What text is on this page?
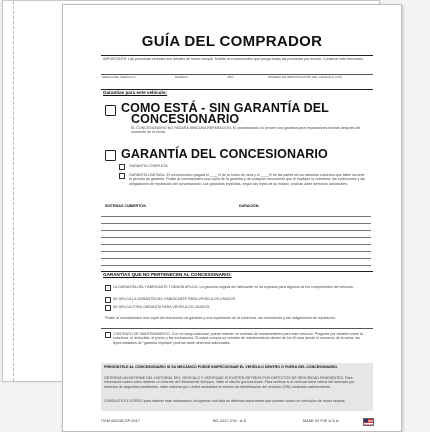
GUÍA DEL COMPRADOR
IMPORTANTE: Las promesas verbales son difíciles de hacer cumplir. Solicite al concesionario que ponga todas las promesas por escrito. Conserve este formulario.
MARCA DEL VEHÍCULO	MODELO	AÑO	NÚMERO DE IDENTIFICACIÓN DEL VEHÍCULO (VIN)
Garantías para este vehículo:
COMO ESTÁ - SIN GARANTÍA DEL
CONCESIONARIO
EL CONCESIONARIO NO PAGARÁ NINGUNA REPARACIÓN. El concesionario no provee una garantía para reparaciones hechas después del momento de la venta.
GARANTÍA DEL CONCESIONARIO
GARANTÍA COMPLETA.
GARANTÍA LIMITADA. El concesionario pagará el ____% de la mano de obra y el ____% de las partes de los sistemas cubiertos que fallen durante el período de garantía. Pídale al concesionario una copia de la garantía y de cualquier documento que le explique la cobertura, las exclusiones y las obligaciones de reparación del concesionario. Las garantías implícitas, según las leyes de su estado, podrían darle derechos adicionales.
SISTEMAS CUBIERTOS:	DURACIÓN:
GARANTÍAS QUE NO PERTENECEN AL CONCESIONARIO:
LA GARANTÍA DEL FABRICANTE TODAVÍA APLICA. La garantía original del fabricante no ha expirado para algunos de los componentes del vehículo.
SE APLICA LA GARANTÍA DEL FABRICANTE PARA VEHÍCULOS USADOS.
SE APLICA OTRA GARANTÍA PARA VEHÍCULOS USADOS.
Pídale al concesionario una copia del documento de garantía y una explicación de la cobertura, las exclusiones y las obligaciones de reparación.
CONTRATO DE MANTENIMIENTO. Con un cargo adicional, puede obtener un contrato de mantenimiento para este vehículo. Pregunte por detalles sobre la cobertura, el deducible, el precio y las exclusiones. Si usted compra un contrato de mantenimiento dentro de los 90 días desde el momento de la venta, las leyes estatales de “garantía implícita” podrían darle derechos adicionales.
PREGÚNTELE AL CONCESIONARIO SI SU MECÁNICO PUEDE INSPECCIONAR EL VEHÍCULO DENTRO O FUERA DEL CONCESIONARIO.
OBTENGA UN INFORME DEL HISTORIAL DEL VEHÍCULO Y VERIFIQUE SI EXISTEN RETIROS POR DEFECTOS DE SEGURIDAD PENDIENTES. Para información sobre cómo obtener un Informe del Historial del Vehículo, visite el sitio ftc.gov/usedcars. Para verificar si el vehículo tiene retiros del mercado por defectos de seguridad pendientes, visite safercar.gov. Usted necesitará el número de identificación del vehículo (VIN) mostrado anteriormente.
CONSULTE EL DORSO para obtener más información, incluyendo una lista de defectos importantes que pueden ocurrir en vehículos de motor usados.
ITEM #50252-SP-2017	BG-2017-XYA · A-S	MADE IN THE U.S.A.
